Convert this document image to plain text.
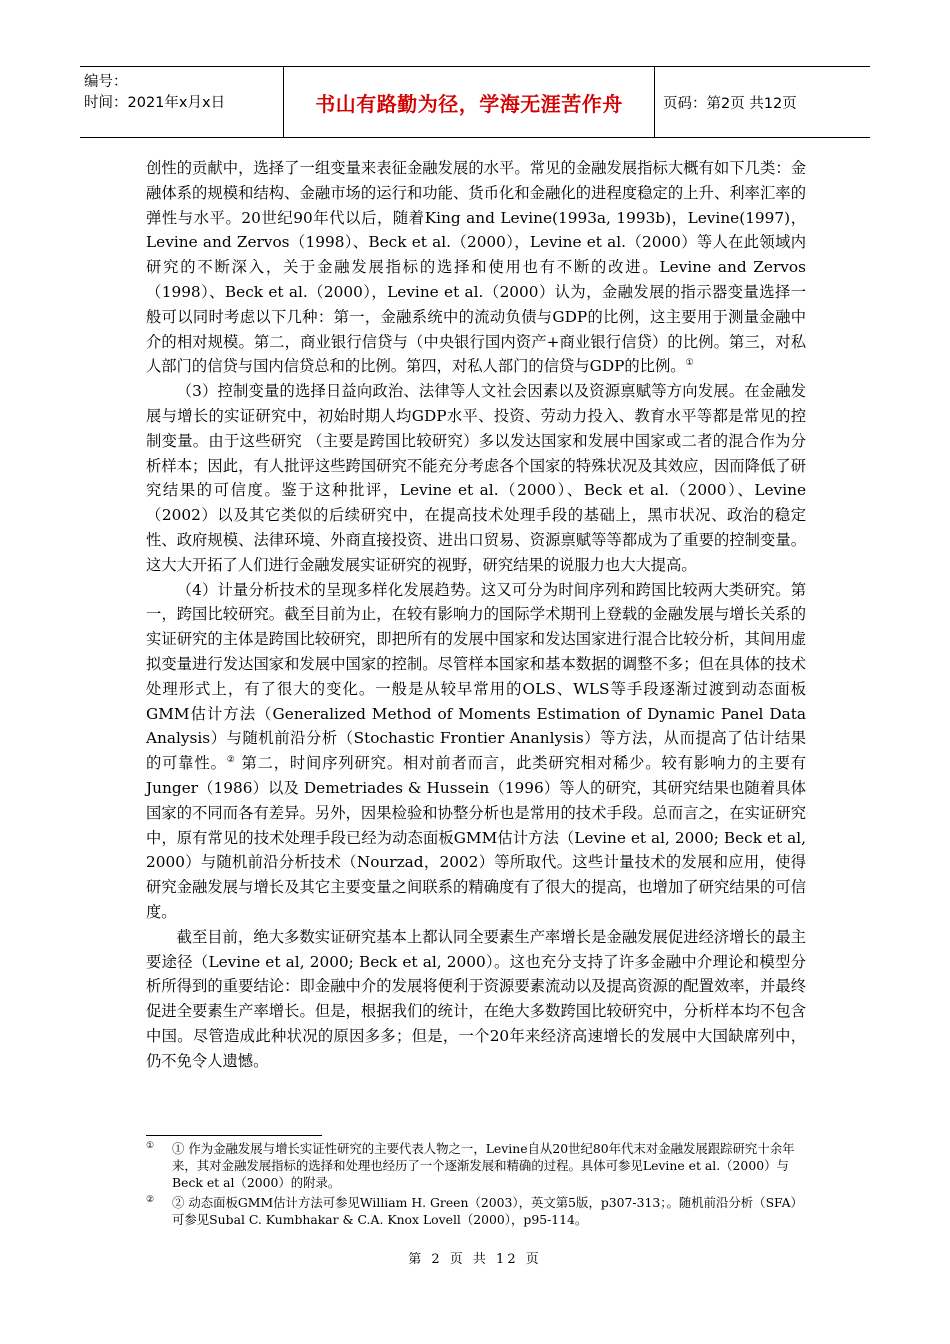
编号：
时间：2021年x月x日	书山有路勤为径，学海无涯苦作舟	页码：第2页 共12页

创性的贡献中，选择了一组变量来表征金融发展的水平。常见的金融发展指标大概有如下几类：金融体系的规模和结构、金融市场的运行和功能、货币化和金融化的进程度稳定的上升、利率汇率的弹性与水平。20世纪90年代以后，随着King and Levine(1993a, 1993b)，Levine(1997)，Levine and Zervos（1998）、Beck et al.（2000），Levine et al.（2000）等人在此领域内研究的不断深入，关于金融发展指标的选择和使用也有不断的改进。Levine and Zervos（1998）、Beck et al.（2000），Levine et al.（2000）认为，金融发展的指示器变量选择一般可以同时考虑以下几种：第一，金融系统中的流动负债与GDP的比例，这主要用于测量金融中介的相对规模。第二，商业银行信贷与（中央银行国内资产+商业银行信贷）的比例。第三，对私人部门的信贷与国内信贷总和的比例。第四，对私人部门的信贷与GDP的比例。①

（3）控制变量的选择日益向政治、法律等人文社会因素以及资源禀赋等方向发展。在金融发展与增长的实证研究中，初始时期人均GDP水平、投资、劳动力投入、教育水平等都是常见的控制变量。由于这些研究 （主要是跨国比较研究）多以发达国家和发展中国家或二者的混合作为分析样本；因此，有人批评这些跨国研究不能充分考虑各个国家的特殊状况及其效应，因而降低了研究结果的可信度。鉴于这种批评，Levine et al.（2000）、Beck et al.（2000）、Levine（2002）以及其它类似的后续研究中，在提高技术处理手段的基础上，黑市状况、政治的稳定性、政府规模、法律环境、外商直接投资、进出口贸易、资源禀赋等等都成为了重要的控制变量。这大大开拓了人们进行金融发展实证研究的视野，研究结果的说服力也大大提高。

（4）计量分析技术的呈现多样化发展趋势。这又可分为时间序列和跨国比较两大类研究。第一，跨国比较研究。截至目前为止，在较有影响力的国际学术期刊上登载的金融发展与增长关系的实证研究的主体是跨国比较研究，即把所有的发展中国家和发达国家进行混合比较分析，其间用虚拟变量进行发达国家和发展中国家的控制。尽管样本国家和基本数据的调整不多；但在具体的技术处理形式上，有了很大的变化。一般是从较早常用的OLS、WLS等手段逐渐过渡到动态面板GMM估计方法（Generalized Method of Moments Estimation of Dynamic Panel Data Analysis）与随机前沿分析（Stochastic Frontier Ananlysis）等方法，从而提高了估计结果的可靠性。② 第二，时间序列研究。相对前者而言，此类研究相对稀少。较有影响力的主要有Junger（1986）以及 Demetriades & Hussein（1996）等人的研究，其研究结果也随着具体国家的不同而各有差异。另外，因果检验和协整分析也是常用的技术手段。总而言之，在实证研究中，原有常见的技术处理手段已经为动态面板GMM估计方法（Levine et al, 2000; Beck et al, 2000）与随机前沿分析技术（Nourzad，2002）等所取代。这些计量技术的发展和应用，使得研究金融发展与增长及其它主要变量之间联系的精确度有了很大的提高，也增加了研究结果的可信度。

截至目前，绝大多数实证研究基本上都认同全要素生产率增长是金融发展促进经济增长的最主要途径（Levine et al, 2000; Beck et al, 2000）。这也充分支持了许多金融中介理论和模型分析所得到的重要结论：即金融中介的发展将便利于资源要素流动以及提高资源的配置效率，并最终促进全要素生产率增长。但是，根据我们的统计，在绝大多数跨国比较研究中，分析样本均不包含中国。尽管造成此种状况的原因多多；但是，一个20年来经济高速增长的发展中大国缺席列中，仍不免令人遗憾。

① ① 作为金融发展与增长实证性研究的主要代表人物之一，Levine自从20世纪80年代末对金融发展跟踪研究十余年来，其对金融发展指标的选择和处理也经历了一个逐渐发展和精确的过程。具体可参见Levine et al.（2000）与Beck et al（2000）的附录。
② ② 动态面板GMM估计方法可参见William H. Green（2003），英文第5版，p307-313；。随机前沿分析（SFA）可参见Subal C. Kumbhakar & C.A. Knox Lovell（2000），p95-114。
第 2 页 共 12 页
